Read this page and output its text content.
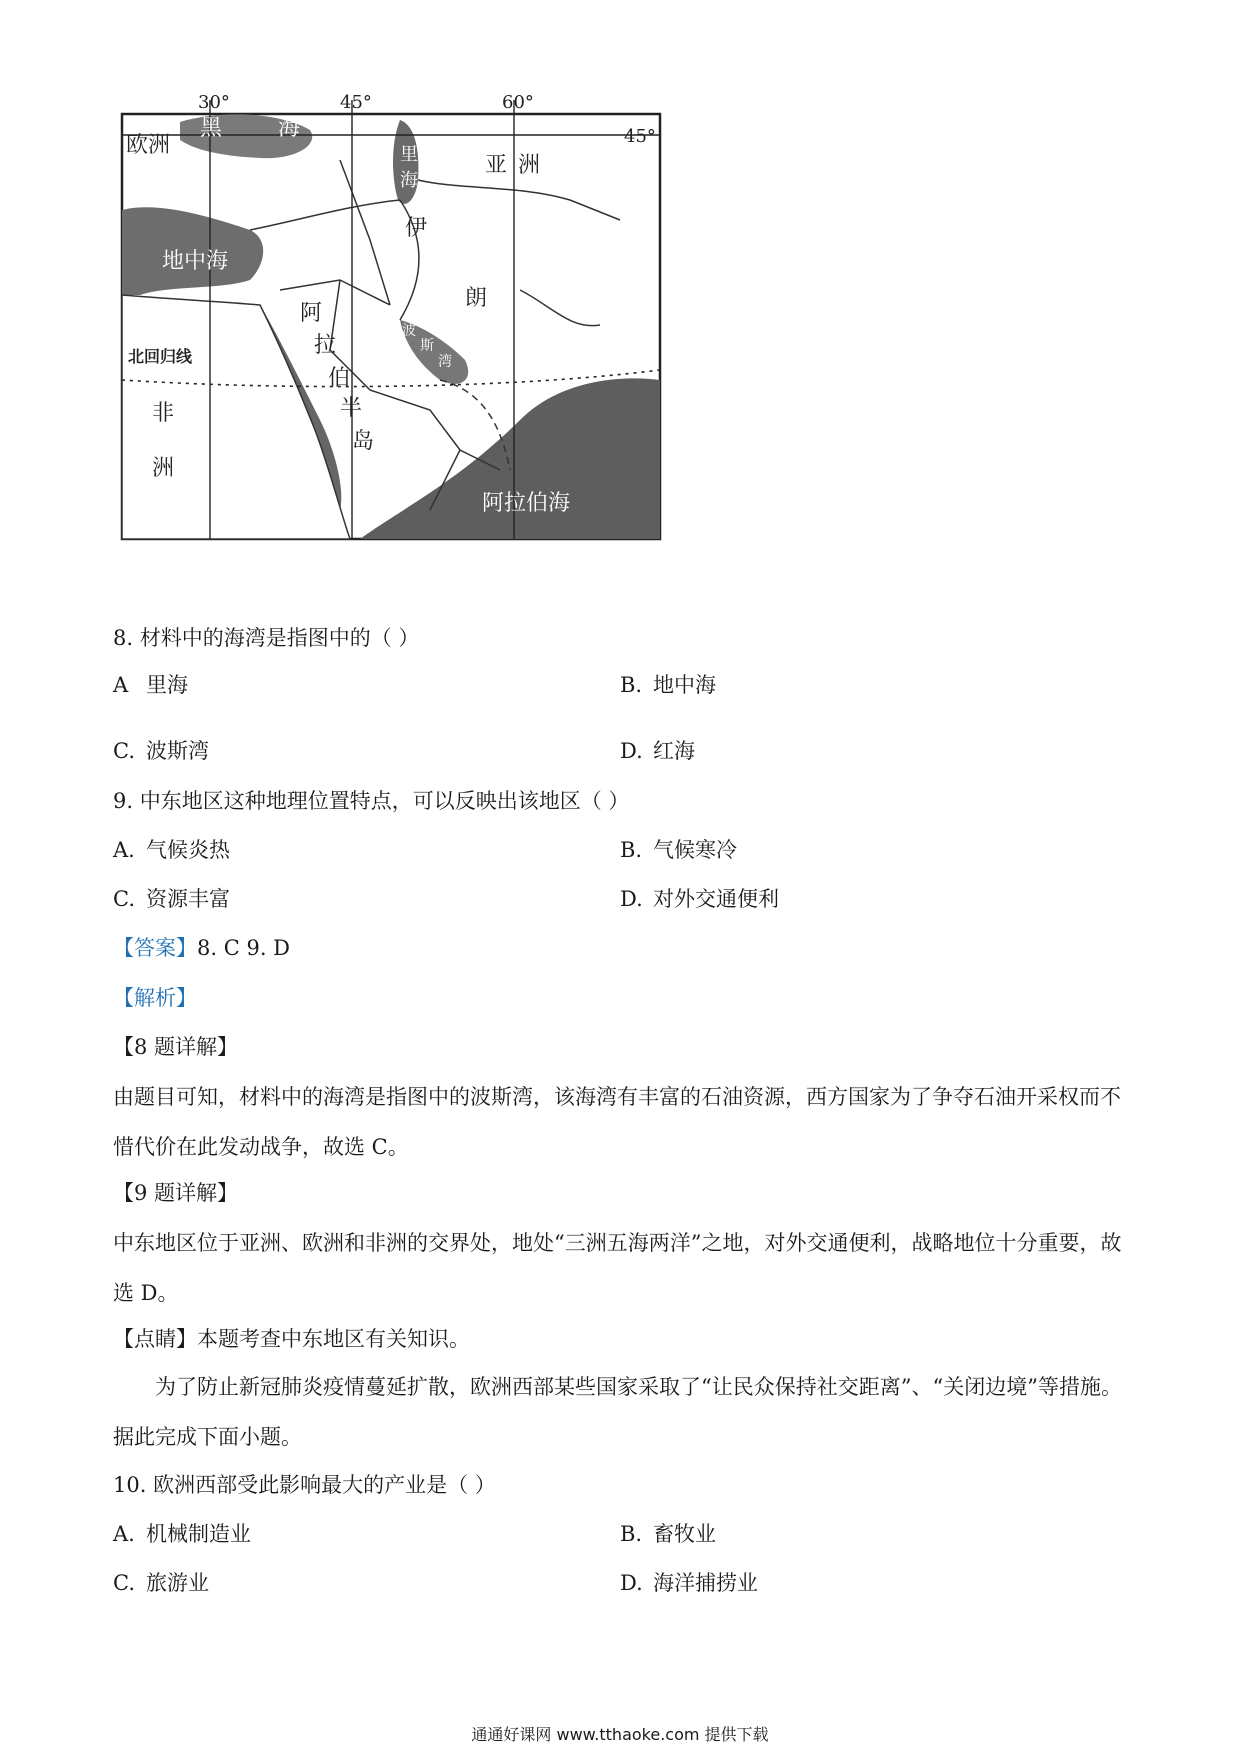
30°	45°	60°
45°
北回归线
欧洲
亚 洲
非
洲
黑	海
里
海
地中海
伊
朗
阿
拉
伯
半
岛
红
海
波
斯
湾
阿拉伯海
8. 材料中的海湾是指图中的（ ）
A 里海	B. 地中海
C. 波斯湾	D. 红海
9. 中东地区这种地理位置特点，可以反映出该地区（ ）
A. 气候炎热	B. 气候寒冷
C. 资源丰富	D. 对外交通便利
【答案】8. C 9. D
【解析】
【8 题详解】
由题目可知，材料中的海湾是指图中的波斯湾，该海湾有丰富的石油资源，西方国家为了争夺石油开采权而不惜代价在此发动战争，故选 C。
【9 题详解】
中东地区位于亚洲、欧洲和非洲的交界处，地处“三洲五海两洋”之地，对外交通便利，战略地位十分重要，故选 D。
【点睛】本题考查中东地区有关知识。
为了防止新冠肺炎疫情蔓延扩散，欧洲西部某些国家采取了“让民众保持社交距离”、“关闭边境”等措施。据此完成下面小题。
10. 欧洲西部受此影响最大的产业是（ ）
A. 机械制造业	B. 畜牧业
C. 旅游业	D. 海洋捕捞业
通通好课网 www.tthaoke.com 提供下载
